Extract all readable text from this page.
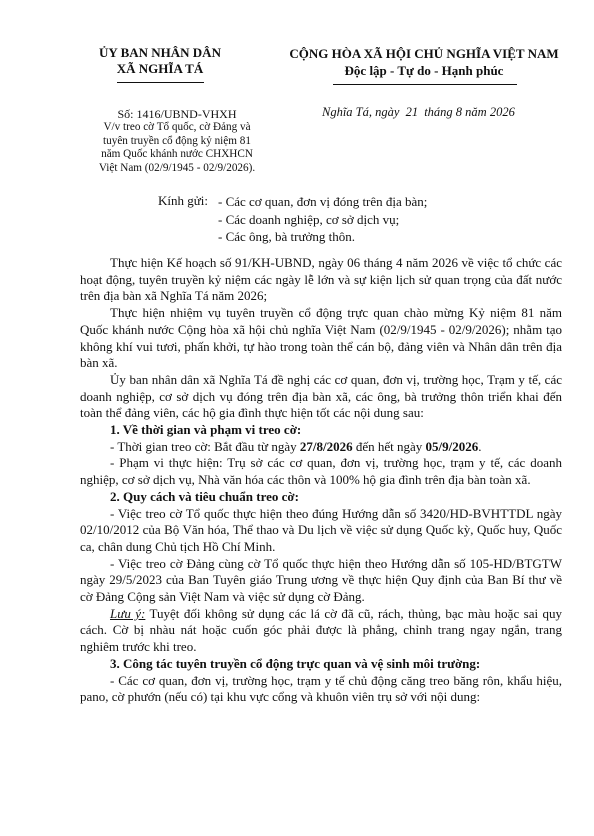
ỦY BAN NHÂN DÂN
XÃ NGHĨA TÁ
CỘNG HÒA XÃ HỘI CHỦ NGHĨA VIỆT NAM
Độc lập - Tự do - Hạnh phúc
Số: 1416/UBND-VHXH
V/v treo cờ Tổ quốc, cờ Đảng và
tuyên truyền cổ động kỷ niệm 81
năm Quốc khánh nước CHXHCN
Việt Nam (02/9/1945 - 02/9/2026).
Nghĩa Tá, ngày 21 tháng 8 năm 2026
Kính gửi: - Các cơ quan, đơn vị đóng trên địa bàn;
- Các doanh nghiệp, cơ sở dịch vụ;
- Các ông, bà trưởng thôn.

Thực hiện Kế hoạch số 91/KH-UBND, ngày 06 tháng 4 năm 2026 về việc tổ chức các hoạt động, tuyên truyền kỷ niệm các ngày lễ lớn và sự kiện lịch sử quan trọng của đất nước trên địa bàn xã Nghĩa Tá năm 2026;

Thực hiện nhiệm vụ tuyên truyền cổ động trực quan chào mừng Kỷ niệm 81 năm Quốc khánh nước Cộng hòa xã hội chủ nghĩa Việt Nam (02/9/1945 - 02/9/2026); nhằm tạo không khí vui tươi, phấn khởi, tự hào trong toàn thể cán bộ, đảng viên và Nhân dân trên địa bàn xã.

Ủy ban nhân dân xã Nghĩa Tá đề nghị các cơ quan, đơn vị, trường học, Trạm y tế, các doanh nghiệp, cơ sở dịch vụ đóng trên địa bàn xã, các ông, bà trưởng thôn triển khai đến toàn thể đảng viên, các hộ gia đình thực hiện tốt các nội dung sau:

1. Về thời gian và phạm vi treo cờ:

- Thời gian treo cờ: Bắt đầu từ ngày 27/8/2026 đến hết ngày 05/9/2026.

- Phạm vi thực hiện: Trụ sở các cơ quan, đơn vị, trường học, trạm y tế, các doanh nghiệp, cơ sở dịch vụ, Nhà văn hóa các thôn và 100% hộ gia đình trên địa bàn toàn xã.

2. Quy cách và tiêu chuẩn treo cờ:

- Việc treo cờ Tổ quốc thực hiện theo đúng Hướng dẫn số 3420/HD-BVHTTDL ngày 02/10/2012 của Bộ Văn hóa, Thể thao và Du lịch về việc sử dụng Quốc kỳ, Quốc huy, Quốc ca, chân dung Chủ tịch Hồ Chí Minh.

- Việc treo cờ Đảng cùng cờ Tổ quốc thực hiện theo Hướng dẫn số 105-HD/BTGTW ngày 29/5/2023 của Ban Tuyên giáo Trung ương về thực hiện Quy định của Ban Bí thư về cờ Đảng Cộng sản Việt Nam và việc sử dụng cờ Đảng.

Lưu ý: Tuyệt đối không sử dụng các lá cờ đã cũ, rách, thủng, bạc màu hoặc sai quy cách. Cờ bị nhàu nát hoặc cuốn góc phải được là phẳng, chỉnh trang ngay ngắn, trang nghiêm trước khi treo.

3. Công tác tuyên truyền cổ động trực quan và vệ sinh môi trường:

- Các cơ quan, đơn vị, trường học, trạm y tế chủ động căng treo băng rôn, khẩu hiệu, pano, cờ phướn (nếu có) tại khu vực cổng và khuôn viên trụ sở với nội dung:
